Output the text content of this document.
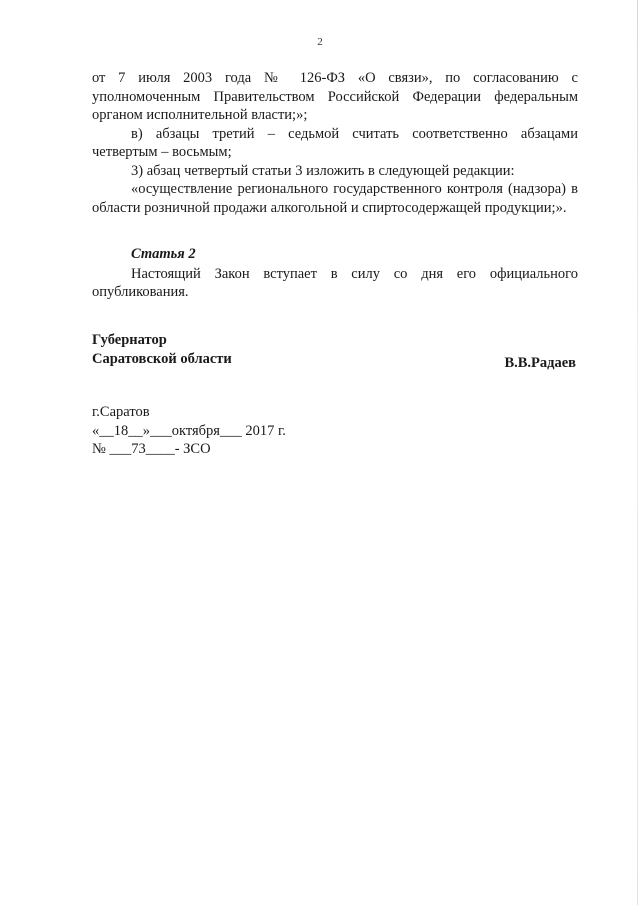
2

от 7 июля 2003 года № 126-ФЗ «О связи», по согласованию с уполномоченным Правительством Российской Федерации федеральным органом исполнительной власти;»;

в) абзацы третий – седьмой считать соответственно абзацами четвертым – восьмым;

3) абзац четвертый статьи 3 изложить в следующей редакции:

«осуществление регионального государственного контроля (надзора) в области розничной продажи алкогольной и спиртосодержащей продукции;».

Статья 2

Настоящий Закон вступает в силу со дня его официального опубликования.

Губернатор
Саратовской области	В.В.Радаев

г.Саратов

«__18__»___октября___ 2017 г.

№ ___73____- ЗСО
